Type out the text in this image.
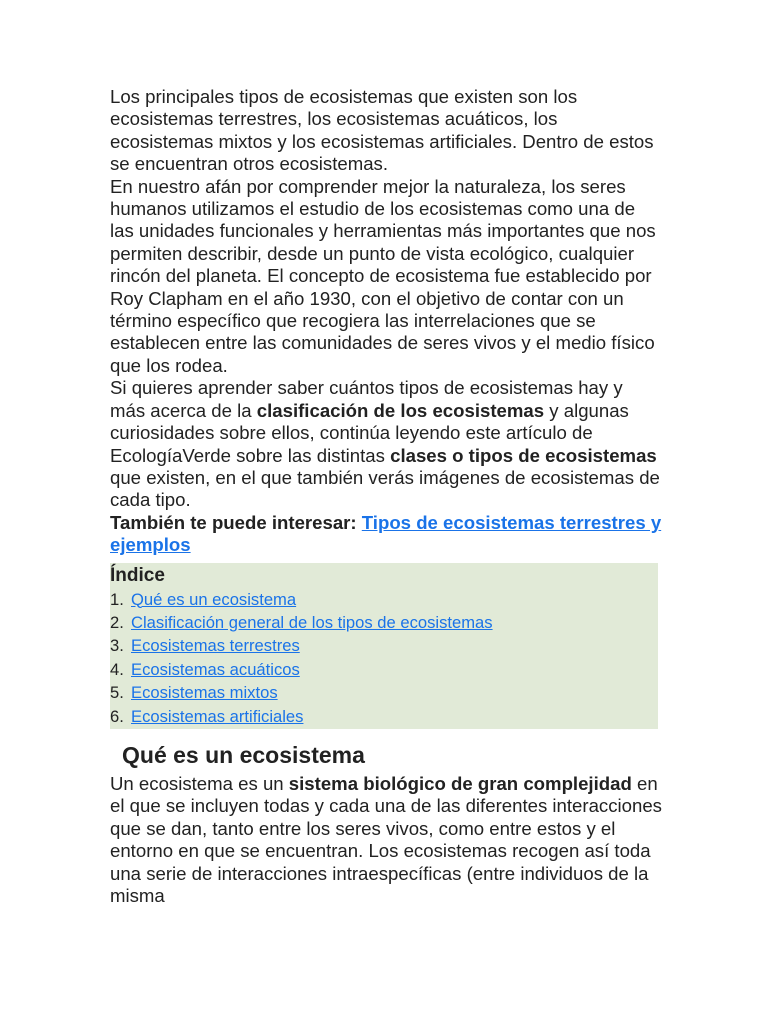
Los principales tipos de ecosistemas que existen son los ecosistemas terrestres, los ecosistemas acuáticos, los ecosistemas mixtos y los ecosistemas artificiales. Dentro de estos se encuentran otros ecosistemas.

En nuestro afán por comprender mejor la naturaleza, los seres humanos utilizamos el estudio de los ecosistemas como una de las unidades funcionales y herramientas más importantes que nos permiten describir, desde un punto de vista ecológico, cualquier rincón del planeta. El concepto de ecosistema fue establecido por Roy Clapham en el año 1930, con el objetivo de contar con un término específico que recogiera las interrelaciones que se establecen entre las comunidades de seres vivos y el medio físico que los rodea.

Si quieres aprender saber cuántos tipos de ecosistemas hay y más acerca de la clasificación de los ecosistemas y algunas curiosidades sobre ellos, continúa leyendo este artículo de EcologíaVerde sobre las distintas clases o tipos de ecosistemas que existen, en el que también verás imágenes de ecosistemas de cada tipo.

También te puede interesar: Tipos de ecosistemas terrestres y ejemplos

Índice
1. Qué es un ecosistema
2. Clasificación general de los tipos de ecosistemas
3. Ecosistemas terrestres
4. Ecosistemas acuáticos
5. Ecosistemas mixtos
6. Ecosistemas artificiales
Qué es un ecosistema

Un ecosistema es un sistema biológico de gran complejidad en el que se incluyen todas y cada una de las diferentes interacciones que se dan, tanto entre los seres vivos, como entre estos y el entorno en que se encuentran. Los ecosistemas recogen así toda una serie de interacciones intraespecíficas (entre individuos de la misma
